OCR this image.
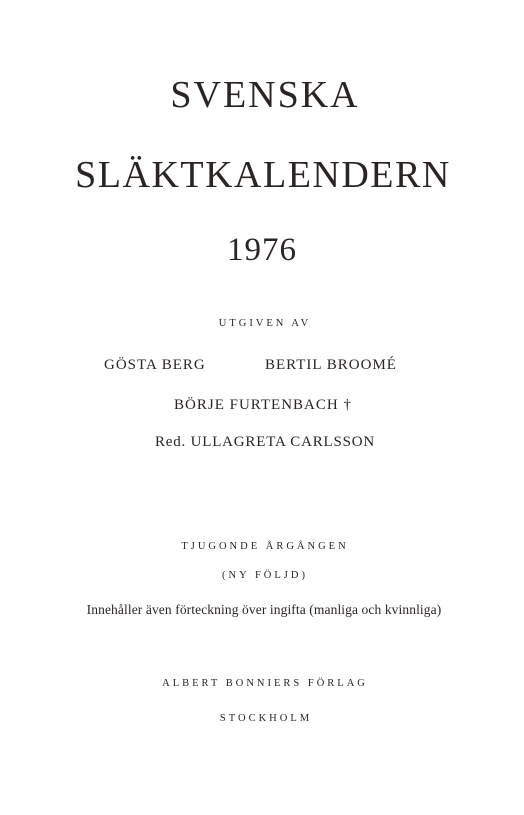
SVENSKA
SLÄKTKALENDERN
1976
UTGIVEN AV
GÖSTA BERG	BERTIL BROOMÉ
BÖRJE FURTENBACH †
Red. ULLAGRETA CARLSSON
TJUGONDE ÅRGÅNGEN
(NY FÖLJD)
Innehåller även förteckning över ingifta (manliga och kvinnliga)
ALBERT BONNIERS FÖRLAG
STOCKHOLM
